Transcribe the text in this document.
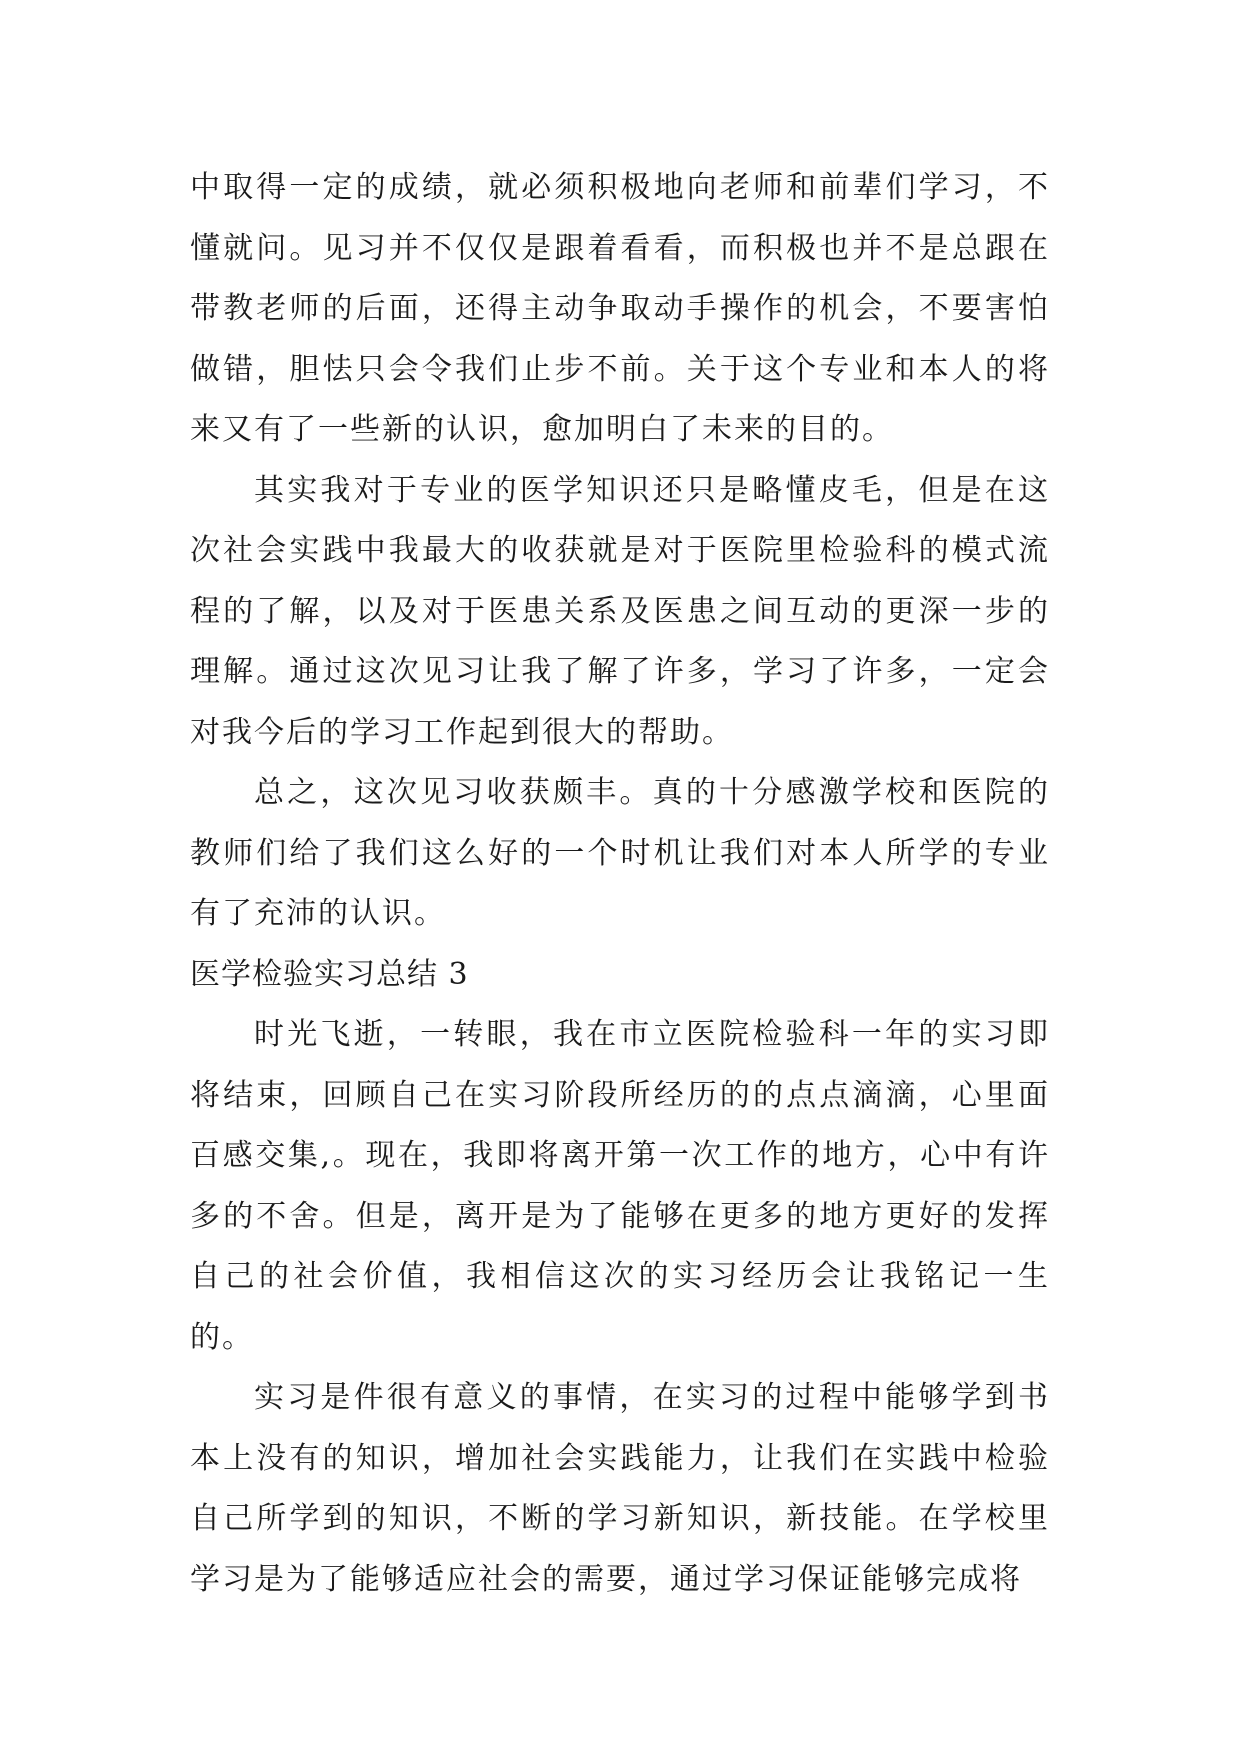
中取得一定的成绩，就必须积极地向老师和前辈们学习，不懂就问。见习并不仅仅是跟着看看，而积极也并不是总跟在带教老师的后面，还得主动争取动手操作的机会，不要害怕做错，胆怯只会令我们止步不前。关于这个专业和本人的将来又有了一些新的认识，愈加明白了未来的目的。

其实我对于专业的医学知识还只是略懂皮毛，但是在这次社会实践中我最大的收获就是对于医院里检验科的模式流程的了解，以及对于医患关系及医患之间互动的更深一步的理解。通过这次见习让我了解了许多，学习了许多，一定会对我今后的学习工作起到很大的帮助。

总之，这次见习收获颇丰。真的十分感激学校和医院的教师们给了我们这么好的一个时机让我们对本人所学的专业有了充沛的认识。

医学检验实习总结 3

时光飞逝，一转眼，我在市立医院检验科一年的实习即将结束，回顾自己在实习阶段所经历的的点点滴滴，心里面百感交集,。现在，我即将离开第一次工作的地方，心中有许多的不舍。但是，离开是为了能够在更多的地方更好的发挥自己的社会价值，我相信这次的实习经历会让我铭记一生的。

实习是件很有意义的事情，在实习的过程中能够学到书本上没有的知识，增加社会实践能力，让我们在实践中检验自己所学到的知识，不断的学习新知识，新技能。在学校里学习是为了能够适应社会的需要，通过学习保证能够完成将
